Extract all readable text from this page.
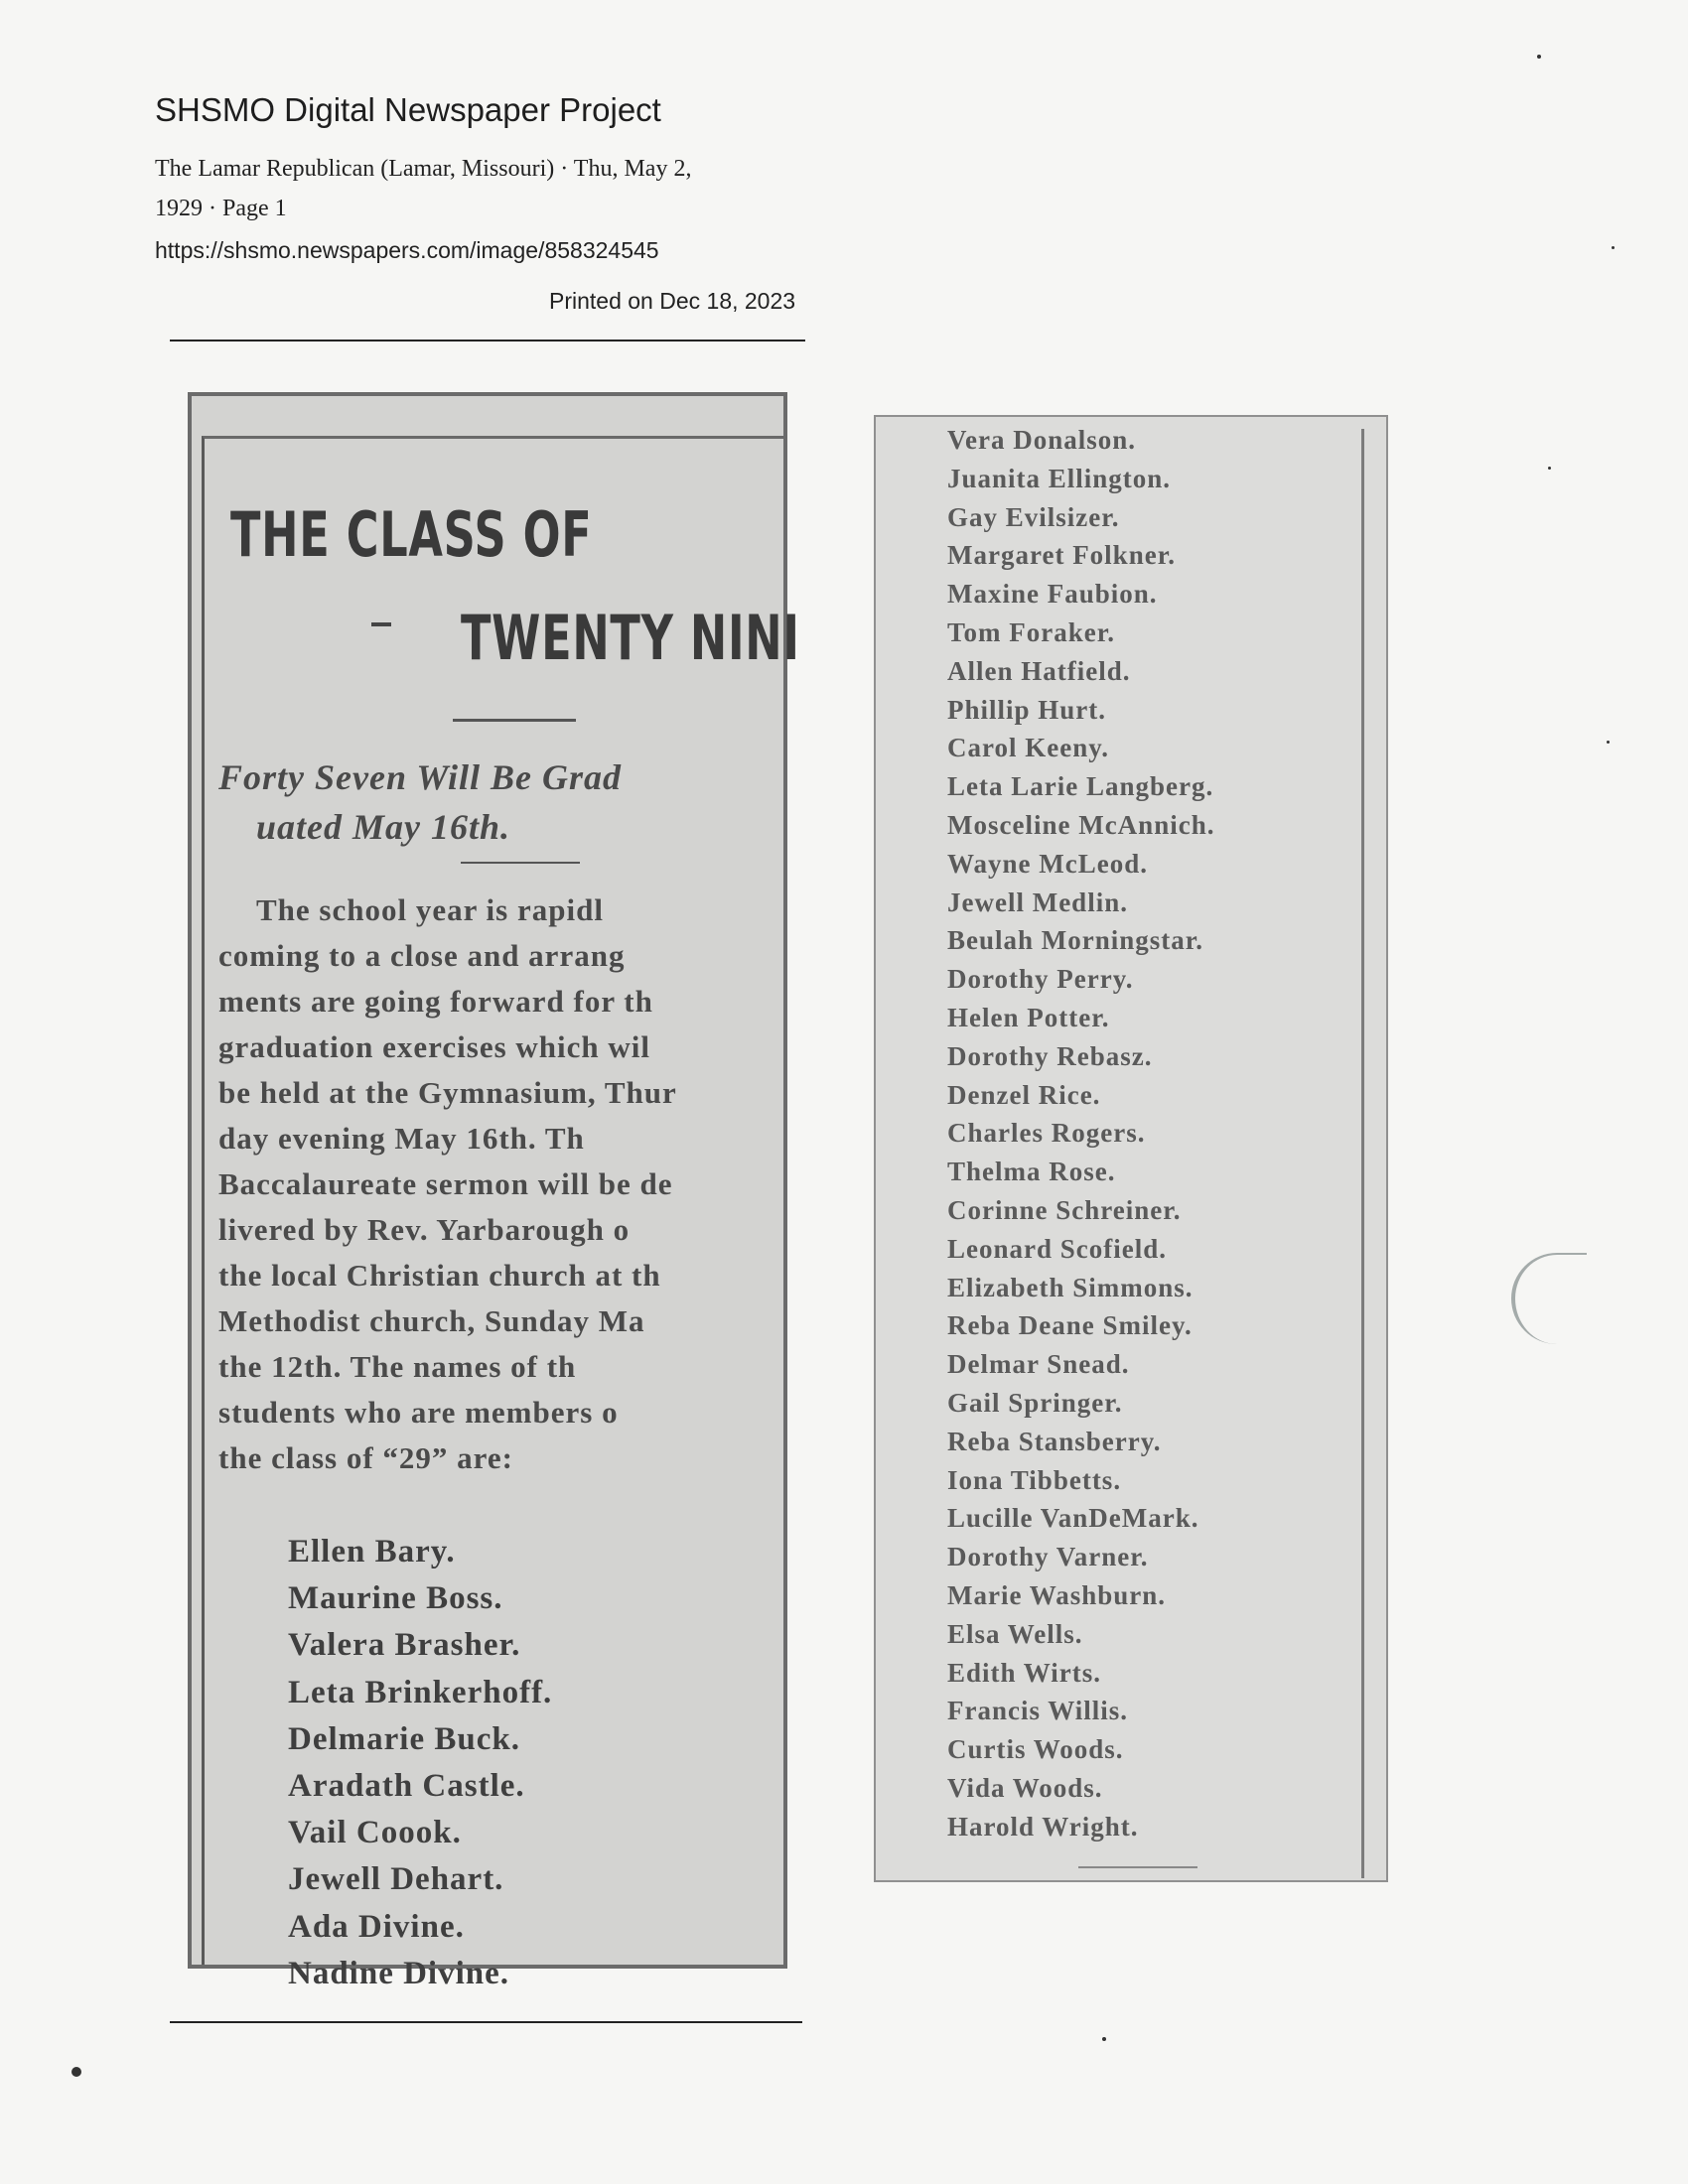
SHSMO Digital Newspaper Project
The Lamar Republican (Lamar, Missouri) · Thu, May 2,
1929 · Page 1
https://shsmo.newspapers.com/image/858324545
Printed on Dec 18, 2023
THE CLASS OF
TWENTY NINI
Forty Seven Will Be Grad
uated May 16th.
The school year is rapidl
coming to a close and arrang
ments are going forward for th
graduation exercises which wil
be held at the Gymnasium, Thur
day evening May 16th. Th
Baccalaureate sermon will be de
livered by Rev. Yarbarough o
the local Christian church at th
Methodist church, Sunday Ma
the 12th. The names of th
students who are members o
the class of “29” are:
Ellen Bary.
Maurine Boss.
Valera Brasher.
Leta Brinkerhoff.
Delmarie Buck.
Aradath Castle.
Vail Coook.
Jewell Dehart.
Ada Divine.
Nadine Divine.
Vera Donalson.
Juanita Ellington.
Gay Evilsizer.
Margaret Folkner.
Maxine Faubion.
Tom Foraker.
Allen Hatfield.
Phillip Hurt.
Carol Keeny.
Leta Larie Langberg.
Mosceline McAnnich.
Wayne McLeod.
Jewell Medlin.
Beulah Morningstar.
Dorothy Perry.
Helen Potter.
Dorothy Rebasz.
Denzel Rice.
Charles Rogers.
Thelma Rose.
Corinne Schreiner.
Leonard Scofield.
Elizabeth Simmons.
Reba Deane Smiley.
Delmar Snead.
Gail Springer.
Reba Stansberry.
Iona Tibbetts.
Lucille VanDeMark.
Dorothy Varner.
Marie Washburn.
Elsa Wells.
Edith Wirts.
Francis Willis.
Curtis Woods.
Vida Woods.
Harold Wright.
